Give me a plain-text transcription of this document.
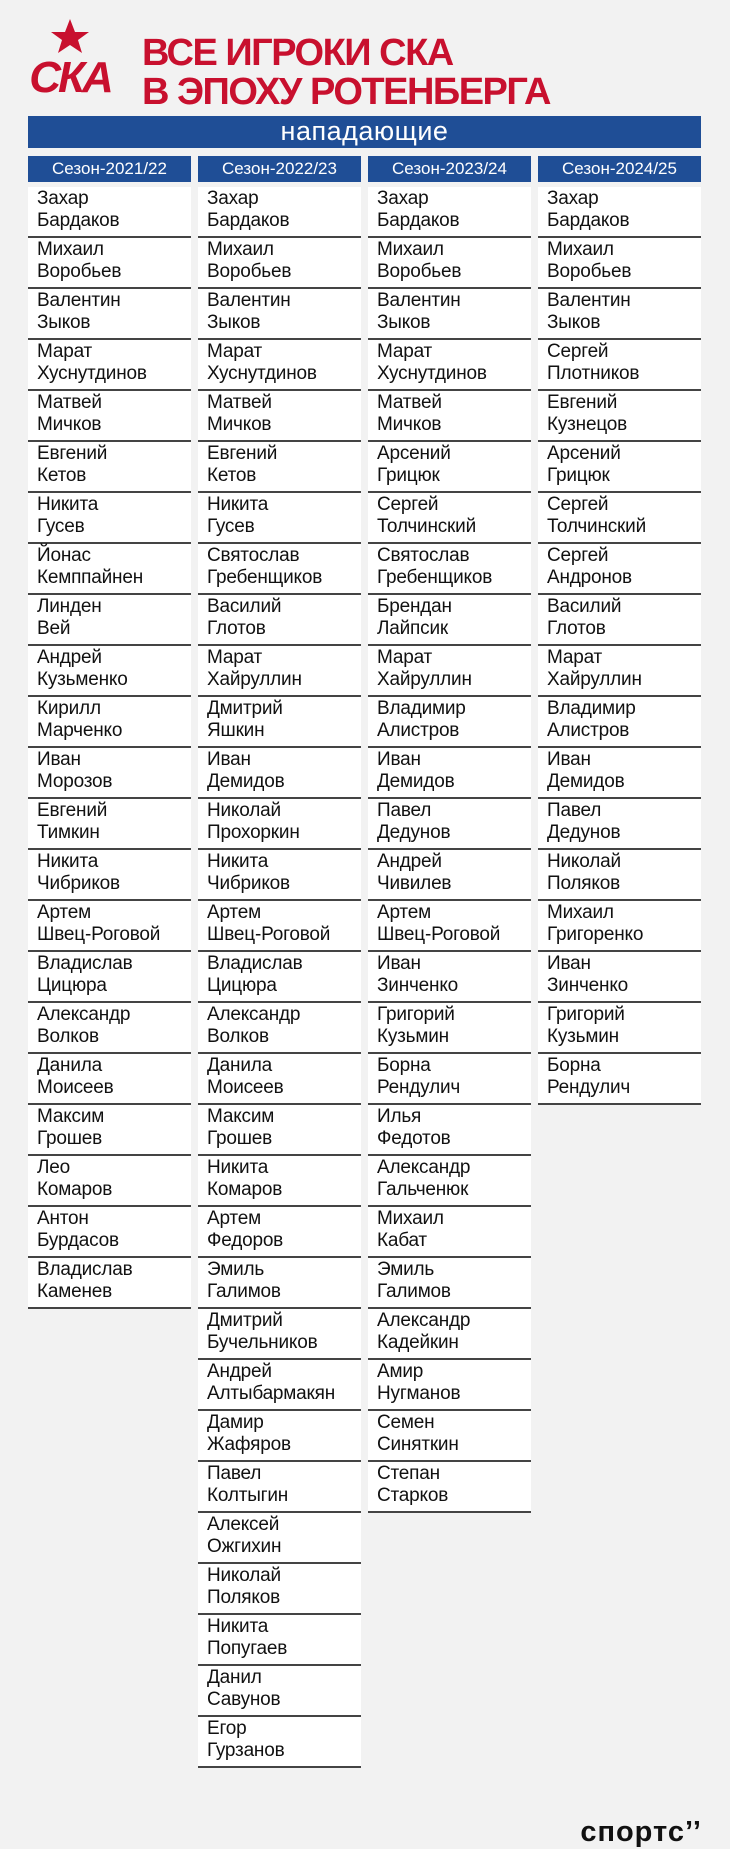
СКА ВСЕ ИГРОКИ СКА
В ЭПОХУ РОТЕНБЕРГА
нападающие
Сезон-2021/22
Захар
Бардаков
Михаил
Воробьев
Валентин
Зыков
Марат
Хуснутдинов
Матвей
Мичков
Евгений
Кетов
Никита
Гусев
Йонас
Кемппайнен
Линден
Вей
Андрей
Кузьменко
Кирилл
Марченко
Иван
Морозов
Евгений
Тимкин
Никита
Чибриков
Артем
Швец-Роговой
Владислав
Цицюра
Александр
Волков
Данила
Моисеев
Максим
Грошев
Лео
Комаров
Антон
Бурдасов
Владислав
Каменев
Сезон-2022/23
Захар
Бардаков
Михаил
Воробьев
Валентин
Зыков
Марат
Хуснутдинов
Матвей
Мичков
Евгений
Кетов
Никита
Гусев
Святослав
Гребенщиков
Василий
Глотов
Марат
Хайруллин
Дмитрий
Яшкин
Иван
Демидов
Николай
Прохоркин
Никита
Чибриков
Артем
Швец-Роговой
Владислав
Цицюра
Александр
Волков
Данила
Моисеев
Максим
Грошев
Никита
Комаров
Артем
Федоров
Эмиль
Галимов
Дмитрий
Бучельников
Андрей
Алтыбармакян
Дамир
Жафяров
Павел
Колтыгин
Алексей
Ожгихин
Николай
Поляков
Никита
Попугаев
Данил
Савунов
Егор
Гурзанов
Сезон-2023/24
Захар
Бардаков
Михаил
Воробьев
Валентин
Зыков
Марат
Хуснутдинов
Матвей
Мичков
Арсений
Грицюк
Сергей
Толчинский
Святослав
Гребенщиков
Брендан
Лайпсик
Марат
Хайруллин
Владимир
Алистров
Иван
Демидов
Павел
Дедунов
Андрей
Чивилев
Артем
Швец-Роговой
Иван
Зинченко
Григорий
Кузьмин
Борна
Рендулич
Илья
Федотов
Александр
Гальченюк
Михаил
Кабат
Эмиль
Галимов
Александр
Кадейкин
Амир
Нугманов
Семен
Синяткин
Степан
Старков
Сезон-2024/25
Захар
Бардаков
Михаил
Воробьев
Валентин
Зыков
Сергей
Плотников
Евгений
Кузнецов
Арсений
Грицюк
Сергей
Толчинский
Сергей
Андронов
Василий
Глотов
Марат
Хайруллин
Владимир
Алистров
Иван
Демидов
Павел
Дедунов
Николай
Поляков
Михаил
Григоренко
Иван
Зинченко
Григорий
Кузьмин
Борна
Рендулич
спортс’’
